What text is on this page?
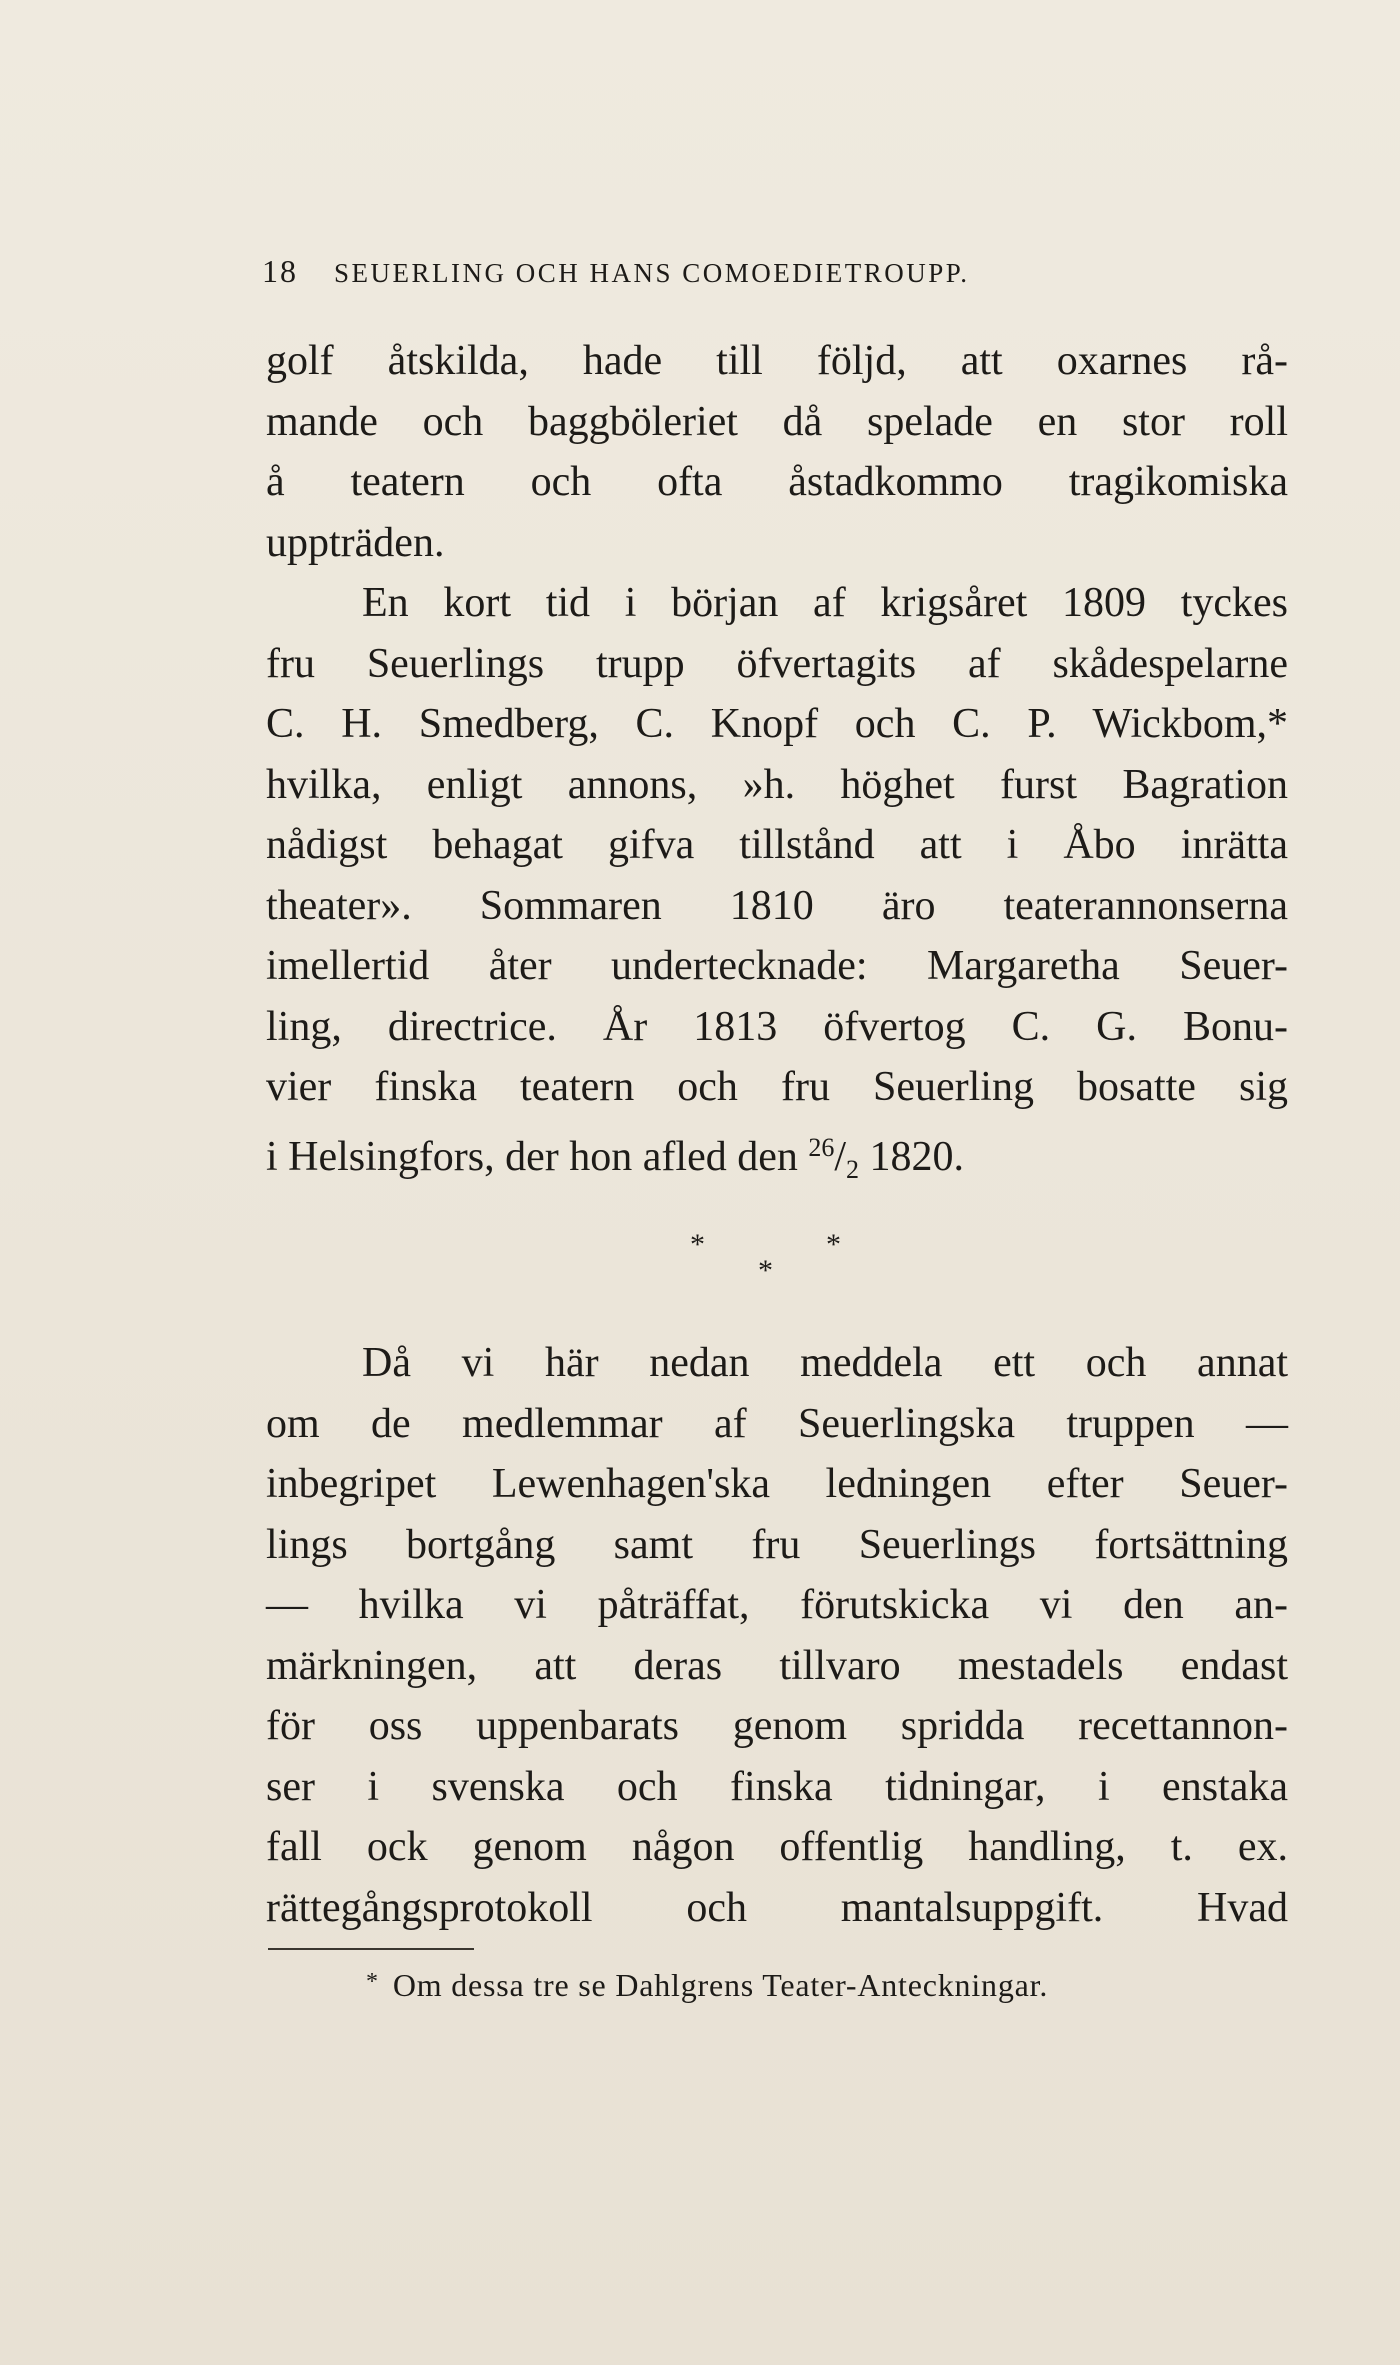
18 SEUERLING OCH HANS COMOEDIETROUPP.
golf åtskilda, hade till följd, att oxarnes rå-
mande och baggböleriet då spelade en stor roll
å teatern och ofta åstadkommo tragikomiska
uppträden.
En kort tid i början af krigsåret 1809 tyckes
fru Seuerlings trupp öfvertagits af skådespelarne
C. H. Smedberg, C. Knopf och C. P. Wickbom,*
hvilka, enligt annons, »h. höghet furst Bagration
nådigst behagat gifva tillstånd att i Åbo inrätta
theater». Sommaren 1810 äro teaterannonserna
imellertid åter undertecknade: Margaretha Seuer-
ling, directrice. År 1813 öfvertog C. G. Bonu-
vier finska teatern och fru Seuerling bosatte sig
i Helsingfors, der hon afled den $^{26}/_2$ 1820.
*	*
*
Då vi här nedan meddela ett och annat
om de medlemmar af Seuerlingska truppen —
inbegripet Lewenhagen'ska ledningen efter Seuer-
lings bortgång samt fru Seuerlings fortsättning
— hvilka vi påträffat, förutskicka vi den an-
märkningen, att deras tillvaro mestadels endast
för oss uppenbarats genom spridda recettannon-
ser i svenska och finska tidningar, i enstaka
fall ock genom någon offentlig handling, t. ex.
rättegångsprotokoll och mantalsuppgift. Hvad
* Om dessa tre se Dahlgrens Teater-Anteckningar.
